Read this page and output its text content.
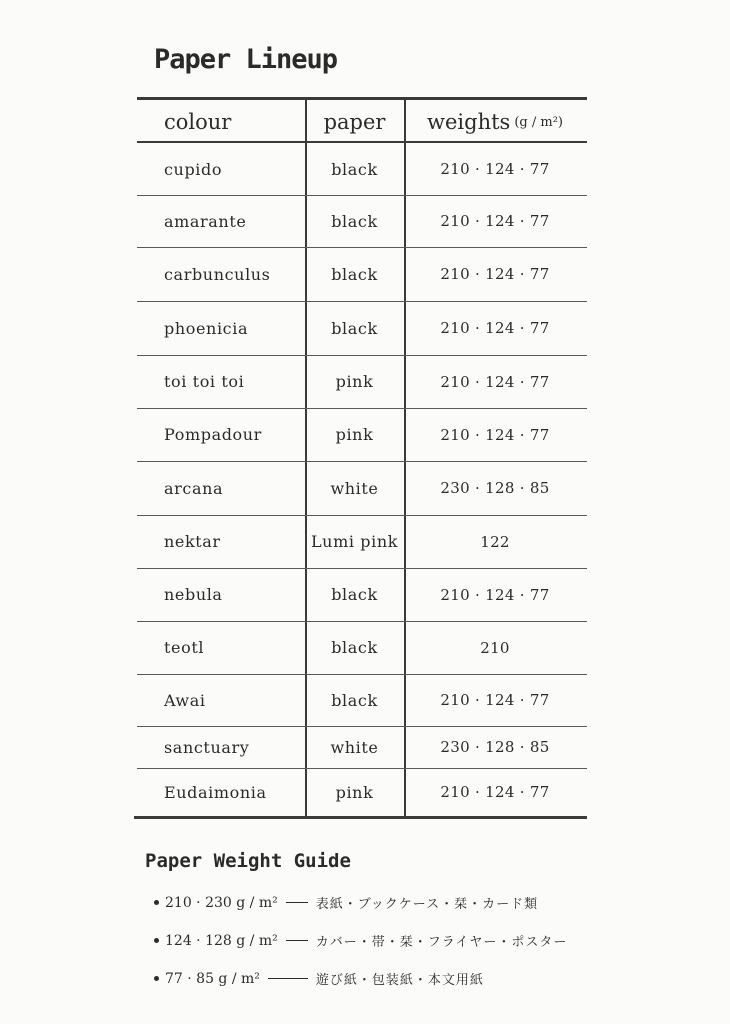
Paper Lineup
colour	paper	weights (g / m²)
cupido	black	210 · 124 · 77
amarante	black	210 · 124 · 77
carbunculus	black	210 · 124 · 77
phoenicia	black	210 · 124 · 77
toi toi toi	pink	210 · 124 · 77
Pompadour	pink	210 · 124 · 77
arcana	white	230 · 128 · 85
nektar	Lumi pink	122
nebula	black	210 · 124 · 77
teotl	black	210
Awai	black	210 · 124 · 77
sanctuary	white	230 · 128 · 85
Eudaimonia	pink	210 · 124 · 77
Paper Weight Guide
210 · 230 g / m²	表紙・ブックケース・栞・カード類
124 · 128 g / m²	カバー・帯・栞・フライヤー・ポスター
77 · 85 g / m²	遊び紙・包装紙・本文用紙
